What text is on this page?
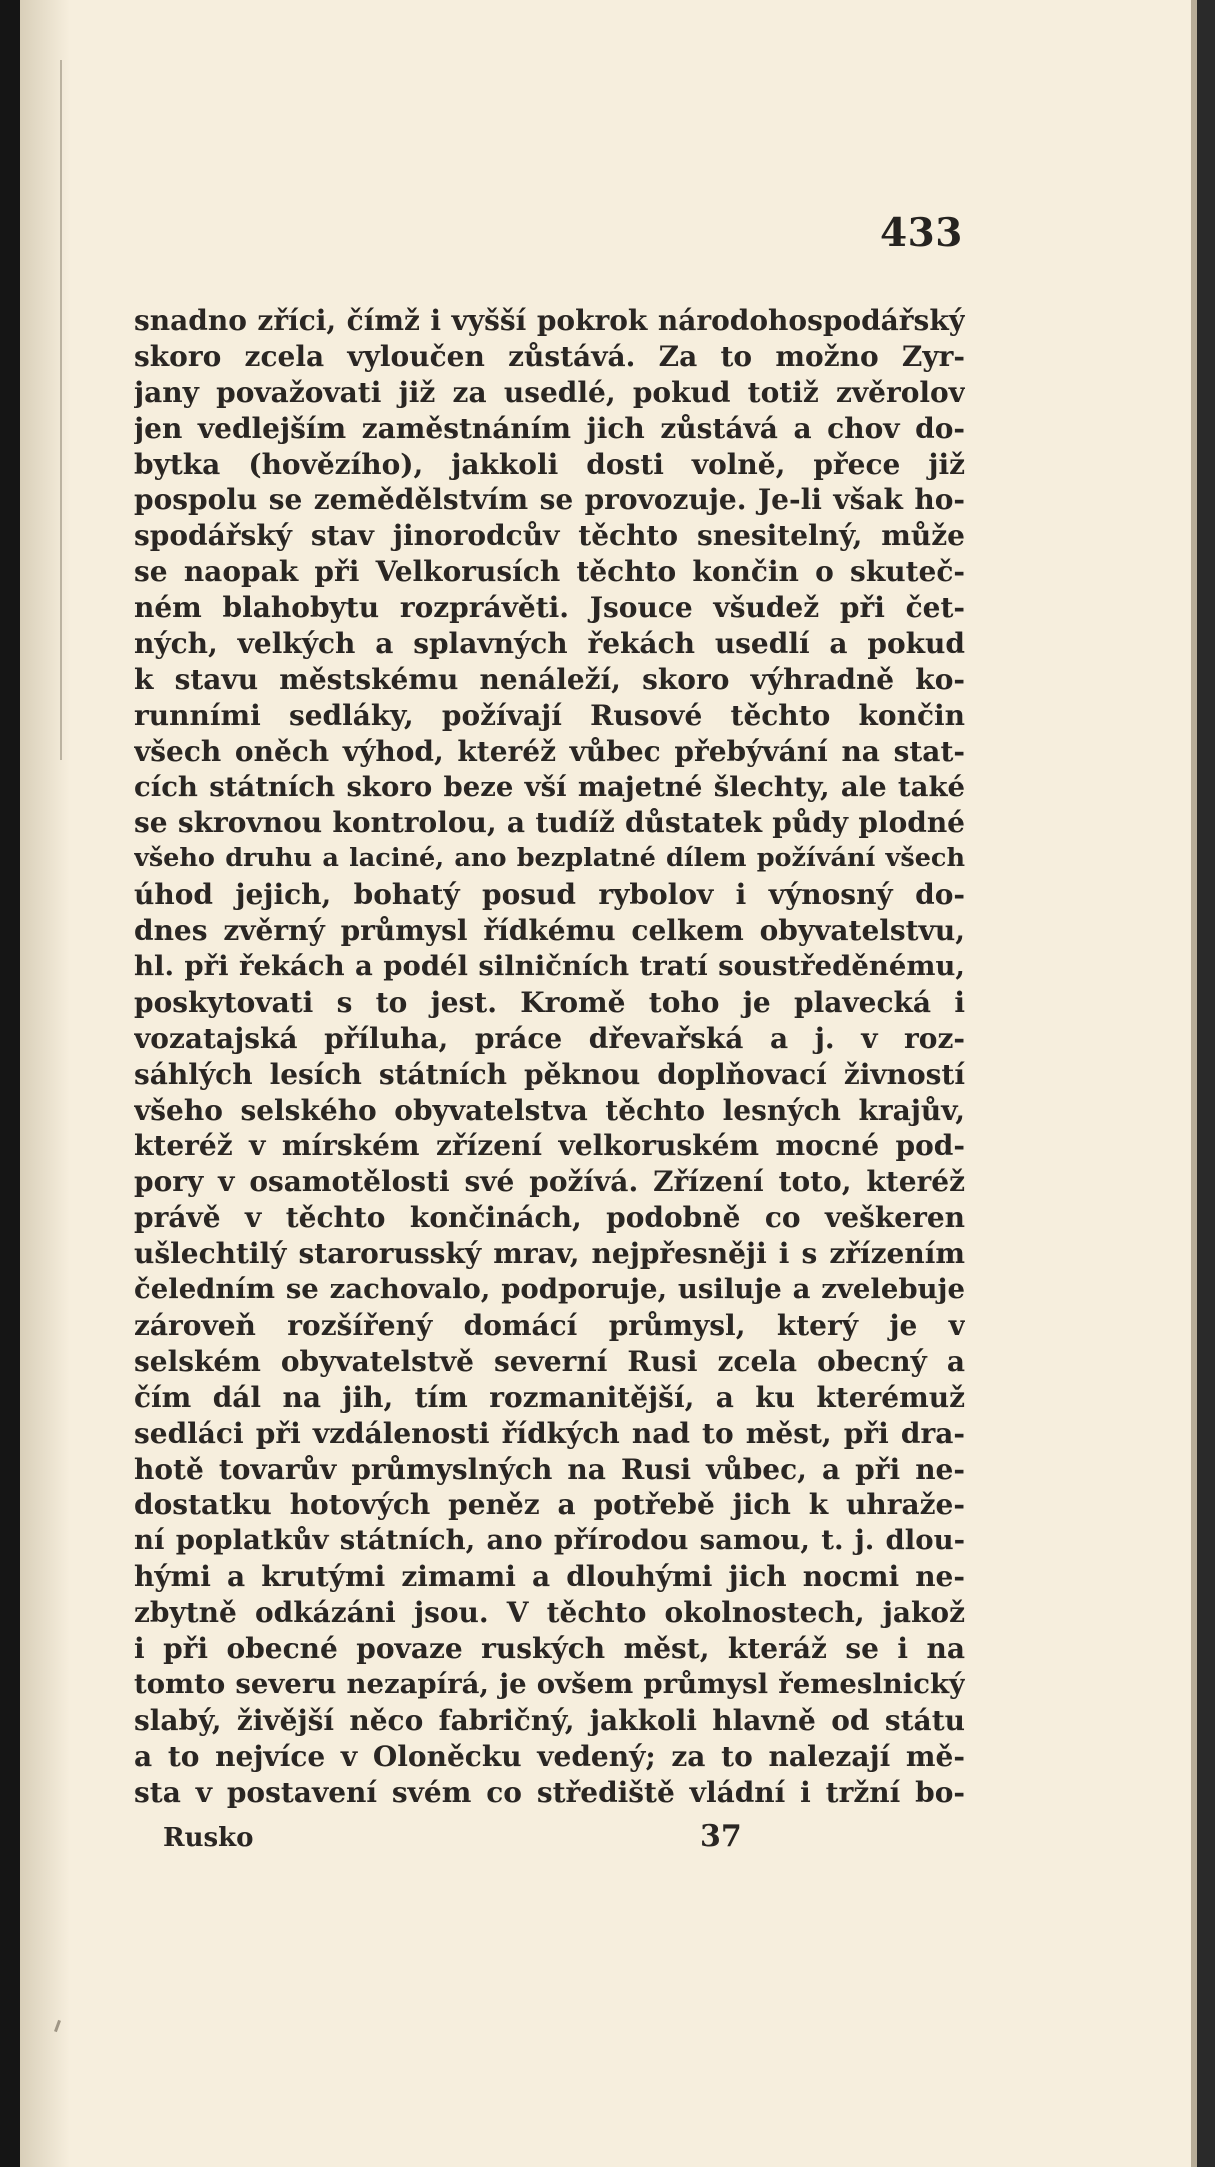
433
snadno zříci, čímž i vyšší pokrok národohospodářský
skoro zcela vyloučen zůstává. Za to možno Zyr-
jany považovati již za usedlé, pokud totiž zvěrolov
jen vedlejším zaměstnáním jich zůstává a chov do-
bytka (hovězího), jakkoli dosti volně, přece již
pospolu se zemědělstvím se provozuje. Je-li však ho-
spodářský stav jinorodcův těchto snesitelný, může
se naopak při Velkorusích těchto končin o skuteč-
ném blahobytu rozprávěti. Jsouce všudež při čet-
ných, velkých a splavných řekách usedlí a pokud
k stavu městskému nenáleží, skoro výhradně ko-
runními sedláky, požívají Rusové těchto končin
všech oněch výhod, kteréž vůbec přebývání na stat-
cích státních skoro beze vší majetné šlechty, ale také
se skrovnou kontrolou, a tudíž důstatek půdy plodné
všeho druhu a laciné, ano bezplatné dílem požívání všech
úhod jejich, bohatý posud rybolov i výnosný do-
dnes zvěrný průmysl řídkému celkem obyvatelstvu,
hl. při řekách a podél silničních tratí soustředěnému,
poskytovati s to jest. Kromě toho je plavecká i
vozatajská příluha, práce dřevařská a j. v roz-
sáhlých lesích státních pěknou doplňovací živností
všeho selského obyvatelstva těchto lesných krajův,
kteréž v mírském zřízení velkoruském mocné pod-
pory v osamotělosti své požívá. Zřízení toto, kteréž
právě v těchto končinách, podobně co veškeren
ušlechtilý starorusský mrav, nejpřesněji i s zřízením
čeledním se zachovalo, podporuje, usiluje a zvelebuje
zároveň rozšířený domácí průmysl, který je v
selském obyvatelstvě severní Rusi zcela obecný a
čím dál na jih, tím rozmanitější, a ku kterémuž
sedláci při vzdálenosti řídkých nad to měst, při dra-
hotě tovarův průmyslných na Rusi vůbec, a při ne-
dostatku hotových peněz a potřebě jich k uhraže-
ní poplatkův státních, ano přírodou samou, t. j. dlou-
hými a krutými zimami a dlouhými jich nocmi ne-
zbytně odkázáni jsou. V těchto okolnostech, jakož
i při obecné povaze ruských měst, kteráž se i na
tomto severu nezapírá, je ovšem průmysl řemeslnický
slabý, živější něco fabričný, jakkoli hlavně od státu
a to nejvíce v Oloněcku vedený; za to nalezají mě-
sta v postavení svém co střediště vládní i tržní bo-
Rusko	37
